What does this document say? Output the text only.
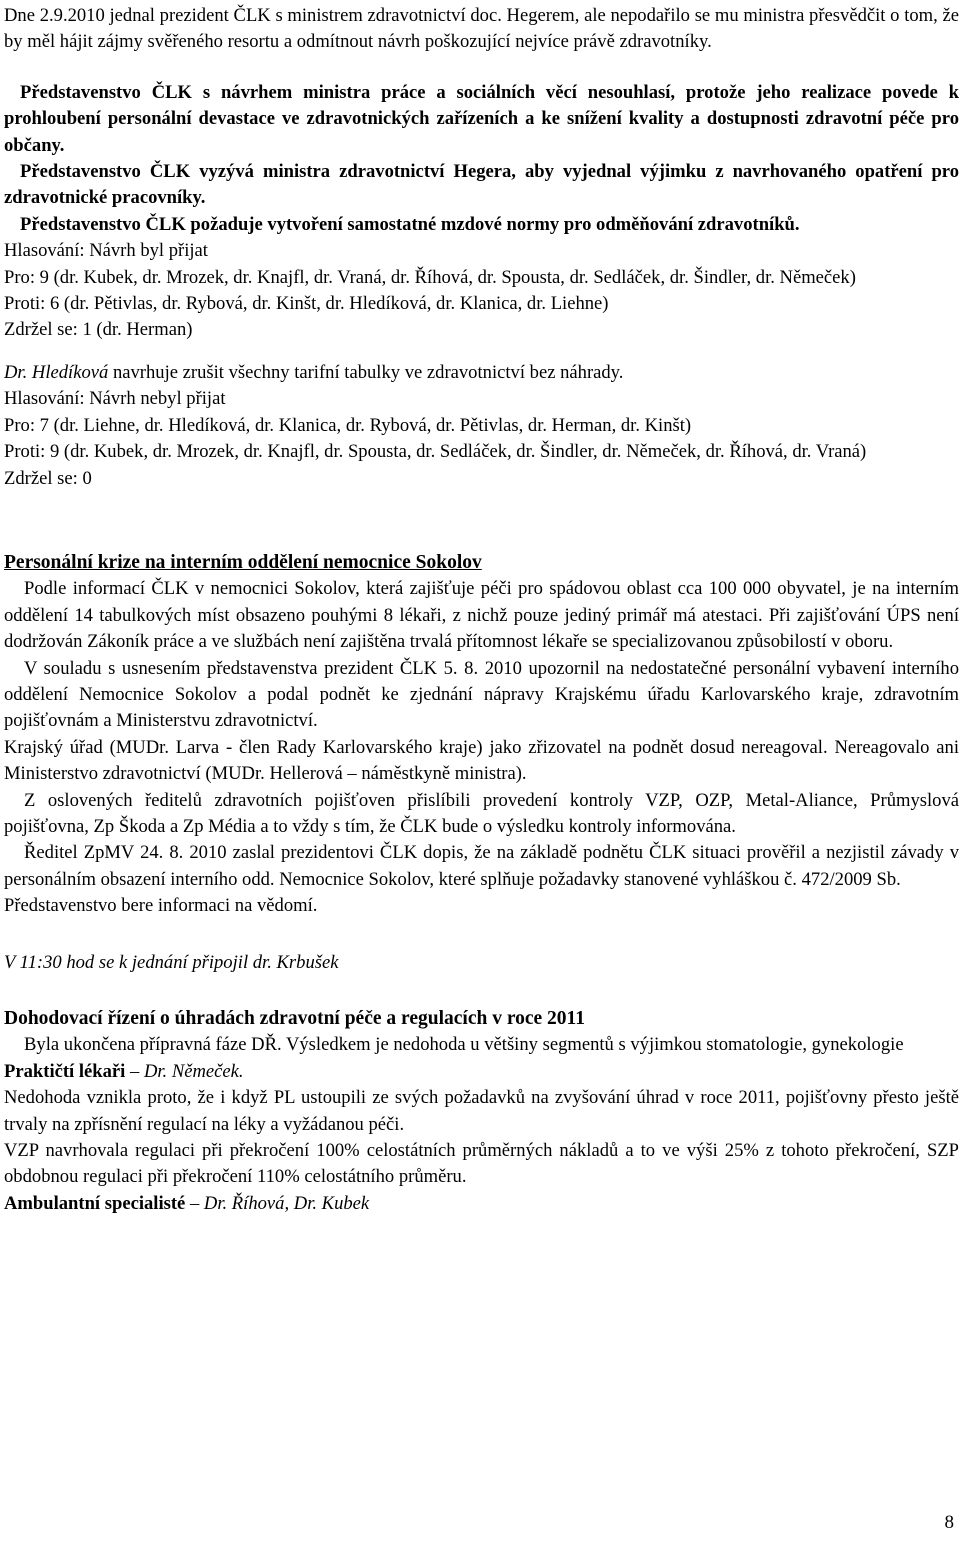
Dne 2.9.2010 jednal prezident ČLK s ministrem zdravotnictví doc. Hegerem, ale nepodařilo se mu ministra přesvědčit o tom, že by měl hájit zájmy svěřeného resortu a odmítnout návrh poškozující nejvíce právě zdravotníky.

Představenstvo ČLK s návrhem ministra práce a sociálních věcí nesouhlasí, protože jeho realizace povede k prohloubení personální devastace ve zdravotnických zařízeních a ke snížení kvality a dostupnosti zdravotní péče pro občany.

Představenstvo ČLK vyzývá ministra zdravotnictví Hegera, aby vyjednal výjimku z navrhovaného opatření pro zdravotnické pracovníky.

Představenstvo ČLK požaduje vytvoření samostatné mzdové normy pro odměňování zdravotníků.

Hlasování: Návrh byl přijat

Pro: 9 (dr. Kubek, dr. Mrozek, dr. Knajfl, dr. Vraná, dr. Říhová, dr. Spousta, dr. Sedláček, dr. Šindler, dr. Němeček)

Proti: 6 (dr. Pětivlas, dr. Rybová, dr. Kinšt, dr. Hledíková, dr. Klanica, dr. Liehne)

Zdržel se: 1 (dr. Herman)

Dr. Hledíková navrhuje zrušit všechny tarifní tabulky ve zdravotnictví bez náhrady.

Hlasování: Návrh nebyl přijat

Pro: 7 (dr. Liehne, dr. Hledíková, dr. Klanica, dr. Rybová, dr. Pětivlas, dr. Herman, dr. Kinšt)

Proti: 9 (dr. Kubek, dr. Mrozek, dr. Knajfl, dr. Spousta, dr. Sedláček, dr. Šindler, dr. Němeček, dr. Říhová, dr. Vraná)

Zdržel se: 0

Personální krize na interním oddělení nemocnice Sokolov

Podle informací ČLK v nemocnici Sokolov, která zajišťuje péči pro spádovou oblast cca 100 000 obyvatel, je na interním oddělení 14 tabulkových míst obsazeno pouhými 8 lékaři, z nichž pouze jediný primář má atestaci. Při zajišťování ÚPS není dodržován Zákoník práce a ve službách není zajištěna trvalá přítomnost lékaře se specializovanou způsobilostí v oboru.

V souladu s usnesením představenstva prezident ČLK 5. 8. 2010 upozornil na nedostatečné personální vybavení interního oddělení Nemocnice Sokolov a podal podnět ke zjednání nápravy Krajskému úřadu Karlovarského kraje, zdravotním pojišťovnám a Ministerstvu zdravotnictví.

Krajský úřad (MUDr. Larva - člen Rady Karlovarského kraje) jako zřizovatel na podnět dosud nereagoval. Nereagovalo ani Ministerstvo zdravotnictví (MUDr. Hellerová – náměstkyně ministra).

Z oslovených ředitelů zdravotních pojišťoven přislíbili provedení kontroly VZP, OZP, Metal-Aliance, Průmyslová pojišťovna, Zp Škoda a Zp Média a to vždy s tím, že ČLK bude o výsledku kontroly informována.

Ředitel ZpMV 24. 8. 2010 zaslal prezidentovi ČLK dopis, že na základě podnětu ČLK situaci prověřil a nezjistil závady v personálním obsazení interního odd. Nemocnice Sokolov, které splňuje požadavky stanovené vyhláškou č. 472/2009 Sb.

Představenstvo bere informaci na vědomí.

V 11:30 hod se k jednání připojil dr. Krbušek

Dohodovací řízení o úhradách zdravotní péče a regulacích v roce 2011

Byla ukončena přípravná fáze DŘ. Výsledkem je nedohoda u většiny segmentů s výjimkou stomatologie, gynekologie

Praktičtí lékaři – Dr. Němeček.

Nedohoda vznikla proto, že i když PL ustoupili ze svých požadavků na zvyšování úhrad v roce 2011, pojišťovny přesto ještě trvaly na zpřísnění regulací na léky a vyžádanou péči.

VZP navrhovala regulaci při překročení 100% celostátních průměrných nákladů a to ve výši 25% z tohoto překročení, SZP obdobnou regulaci při překročení 110% celostátního průměru.

Ambulantní specialisté – Dr. Říhová, Dr. Kubek

8
